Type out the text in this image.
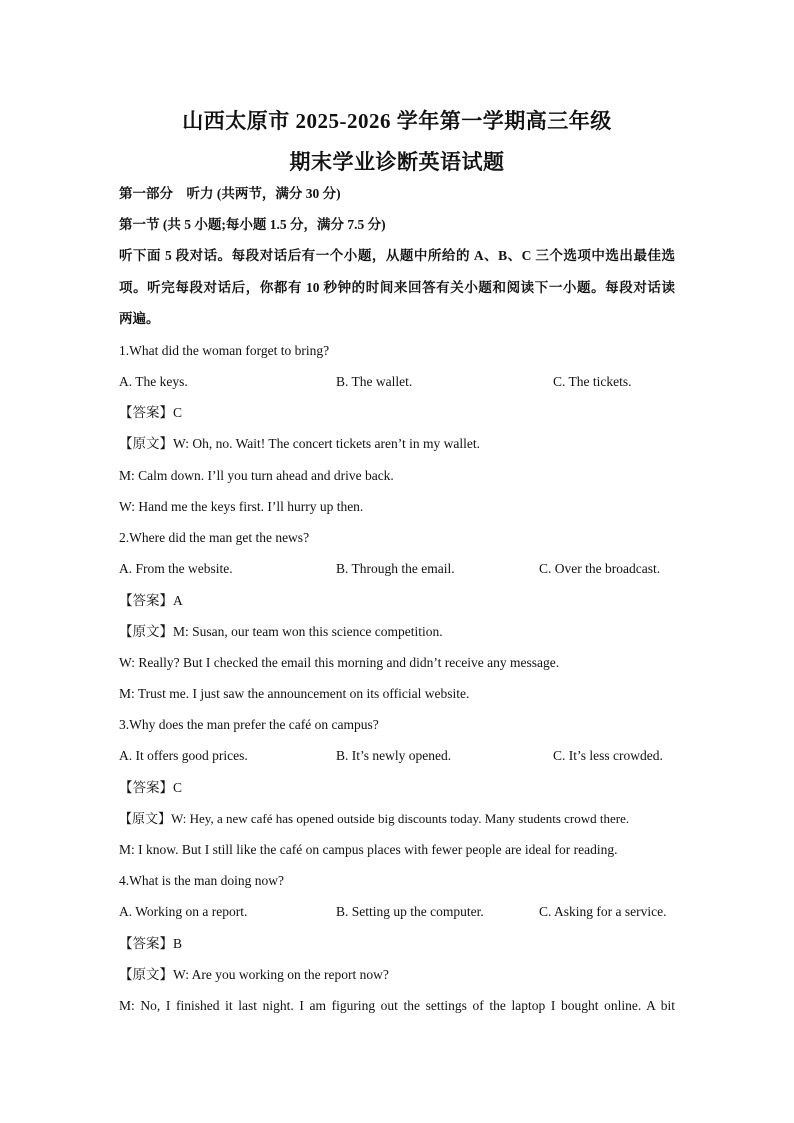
山西太原市 2025-2026 学年第一学期高三年级
期末学业诊断英语试题
第一部分　听力 (共两节，满分 30 分)
第一节 (共 5 小题;每小题 1.5 分，满分 7.5 分)
听下面 5 段对话。每段对话后有一个小题，从题中所给的 A、B、C 三个选项中选出最佳选
项。听完每段对话后，你都有 10 秒钟的时间来回答有关小题和阅读下一小题。每段对话读
两遍。
1.What did the woman forget to bring?
A. The keys.	B. The wallet.	C. The tickets.
【答案】C
【原文】W: Oh, no. Wait! The concert tickets aren’t in my wallet.
M: Calm down. I’ll you turn ahead and drive back.
W: Hand me the keys first. I’ll hurry up then.
2.Where did the man get the news?
A. From the website.	B. Through the email.	C. Over the broadcast.
【答案】A
【原文】M: Susan, our team won this science competition.
W: Really? But I checked the email this morning and didn’t receive any message.
M: Trust me. I just saw the announcement on its official website.
3.Why does the man prefer the café on campus?
A. It offers good prices.	B. It’s newly opened.	C. It’s less crowded.
【答案】C
【原文】W: Hey, a new café has opened outside big discounts today. Many students crowd there.
M: I know. But I still like the café on campus places with fewer people are ideal for reading.
4.What is the man doing now?
A. Working on a report.	B. Setting up the computer.	C. Asking for a service.
【答案】B
【原文】W: Are you working on the report now?
M: No, I finished it last night. I am figuring out the settings of the laptop I bought online. A bit
